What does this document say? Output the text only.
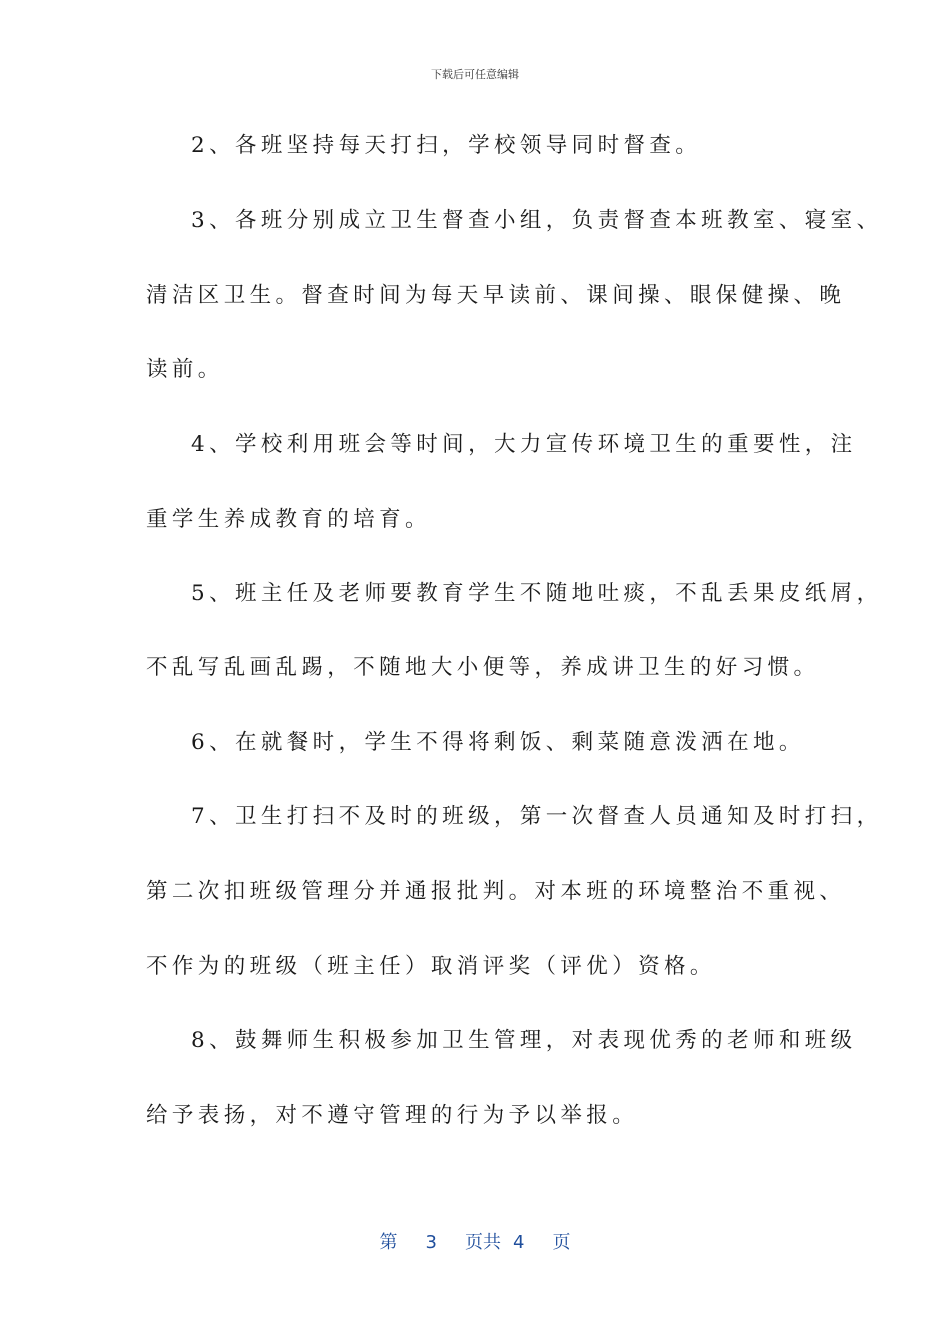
下载后可任意编辑
2、各班坚持每天打扫，学校领导同时督查。
3、各班分别成立卫生督查小组，负责督查本班教室、寝室、
清洁区卫生。督查时间为每天早读前、课间操、眼保健操、晚
读前。
4、学校利用班会等时间，大力宣传环境卫生的重要性，注
重学生养成教育的培育。
5、班主任及老师要教育学生不随地吐痰，不乱丢果皮纸屑，
不乱写乱画乱踢，不随地大小便等，养成讲卫生的好习惯。
6、在就餐时，学生不得将剩饭、剩菜随意泼洒在地。
7、卫生打扫不及时的班级，第一次督查人员通知及时打扫，
第二次扣班级管理分并通报批判。对本班的环境整治不重视、
不作为的班级（班主任）取消评奖（评优）资格。
8、鼓舞师生积极参加卫生管理，对表现优秀的老师和班级
给予表扬，对不遵守管理的行为予以举报。
第 3 页共 4 页
